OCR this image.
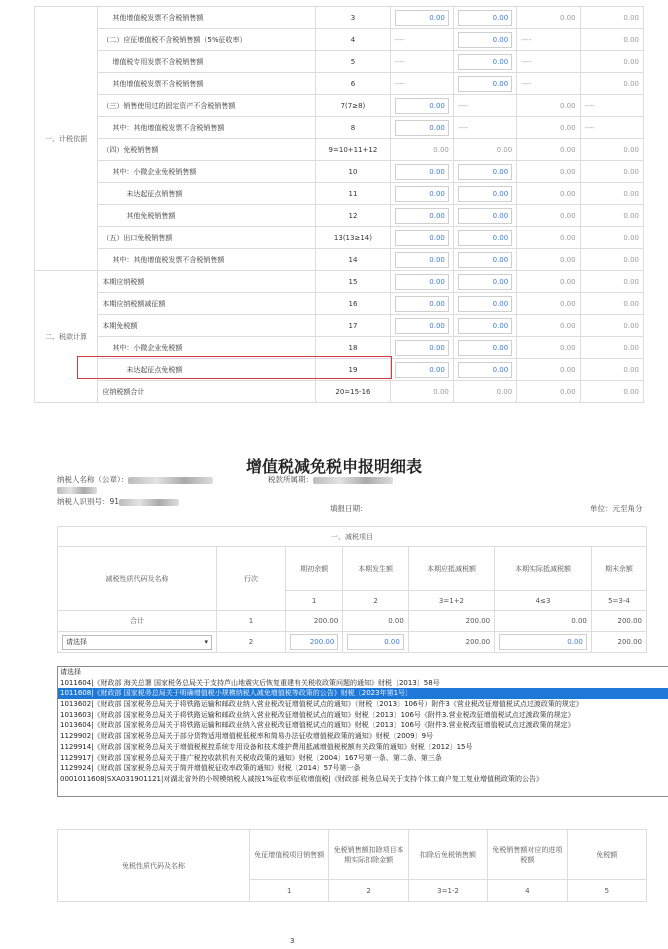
一、计税依据	其他增值税发票不含税销售额	3	0.00	0.00	0.00	0.00
	（二）应征增值税不含税销售额（5%征收率）	4	----	0.00	----	0.00
	增值税专用发票不含税销售额	5	----	0.00	----	0.00
	其他增值税发票不含税销售额	6	----	0.00	----	0.00
	（三）销售使用过的固定资产不含税销售额	7(7≥8)	0.00	----	0.00	----
	其中：其他增值税发票不含税销售额	8	0.00	----	0.00	----
	（四）免税销售额	9=10+11+12	0.00	0.00	0.00	0.00
	其中：小微企业免税销售额	10	0.00	0.00	0.00	0.00
	未达起征点销售额	11	0.00	0.00	0.00	0.00
	其他免税销售额	12	0.00	0.00	0.00	0.00
	（五）出口免税销售额	13(13≥14)	0.00	0.00	0.00	0.00
	其中：其他增值税发票不含税销售额	14	0.00	0.00	0.00	0.00
二、税款计算	本期应纳税额	15	0.00	0.00	0.00	0.00
	本期应纳税额减征额	16	0.00	0.00	0.00	0.00
	本期免税额	17	0.00	0.00	0.00	0.00
	其中：小微企业免税额	18	0.00	0.00	0.00	0.00
	未达起征点免税额	19	0.00	0.00	0.00	0.00
	应纳税额合计	20=15-16	0.00	0.00	0.00	0.00
增值税减免税申报明细表
纳税人名称（公章）：	税款所属期：
纳税人识别号：91
填报日期：	单位：元至角分
一、减税项目						
减税性质代码及名称	行次	期初余额	本期发生额	本期应抵减税额	本期实际抵减税额	期末余额
		1	2	3=1+2	4≤3	5=3-4
合计	1	200.00	0.00	200.00	0.00	200.00

请选择 ▾	2	200.00	0.00	200.00	0.00	200.00
请选择
1011604|《财政部 海关总署 国家税务总局关于支持芦山地震灾后恢复重建有关税收政策问题的通知》财税〔2013〕58号
1011608|《财政部 国家税务总局关于明确增值税小规模纳税人减免增值税等政策的公告》财税〔2023年第1号〕
1013602|《财政部 国家税务总局关于将铁路运输和邮政业纳入营业税改征增值税试点的通知》（财税〔2013〕106号）附件3《营业税改征增值税试点过渡政策的规定》
1013603|《财政部 国家税务总局关于将铁路运输和邮政业纳入营业税改征增值税试点的通知》财税〔2013〕106号《附件3.营业税改征增值税试点过渡政策的规定》
1013604|《财政部 国家税务总局关于将铁路运输和邮政业纳入营业税改征增值税试点的通知》财税〔2013〕106号《附件3.营业税改征增值税试点过渡政策的规定》
1129902|《财政部 国家税务总局关于部分货物适用增值税低税率和简易办法征收增值税政策的通知》财税〔2009〕9号
1129914|《财政部 国家税务总局关于增值税税控系统专用设备和技术维护费用抵减增值税税额有关政策的通知》财税〔2012〕15号
1129917|《财政部 国家税务总局关于推广税控收款机有关税收政策的通知》财税〔2004〕167号第一条、第二条、第三条
1129924|《财政部 国家税务总局关于简并增值税征收率政策的通知》财税〔2014〕57号第一条
0001011608|SXA031901121|对湖北省外的小规模纳税人减按1%征收率征收增值税|《财政部 税务总局关于支持个体工商户复工复业增值税政策的公告》
免税性质代码及名称	免征增值税项目销售额	免税销售额扣除项目本期实际扣除金额	扣除后免税销售额	免税销售额对应的进项税额	免税额
	1	2	3=1-2	4	5
3
